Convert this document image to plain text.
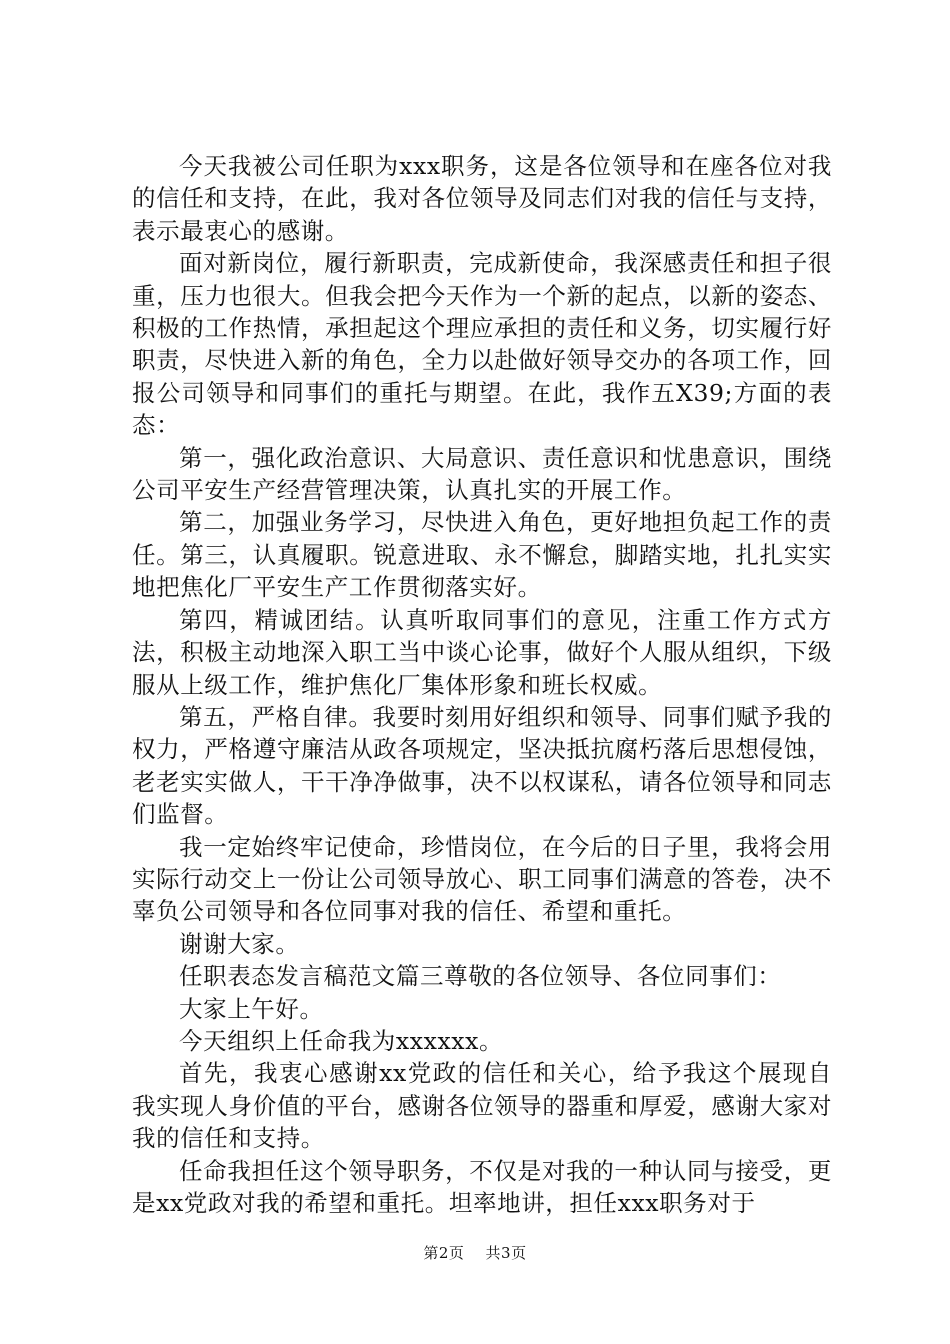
今天我被公司任职为xxx职务，这是各位领导和在座各位对我的信任和支持，在此，我对各位领导及同志们对我的信任与支持，表示最衷心的感谢。

面对新岗位，履行新职责，完成新使命，我深感责任和担子很重，压力也很大。但我会把今天作为一个新的起点，以新的姿态、积极的工作热情，承担起这个理应承担的责任和义务，切实履行好职责，尽快进入新的角色，全力以赴做好领导交办的各项工作，回报公司领导和同事们的重托与期望。在此，我作五X39;方面的表态：

第一，强化政治意识、大局意识、责任意识和忧患意识，围绕公司平安生产经营管理决策，认真扎实的开展工作。

第二，加强业务学习，尽快进入角色，更好地担负起工作的责任。第三，认真履职。锐意进取、永不懈怠，脚踏实地，扎扎实实地把焦化厂平安生产工作贯彻落实好。

第四，精诚团结。认真听取同事们的意见，注重工作方式方法，积极主动地深入职工当中谈心论事，做好个人服从组织，下级服从上级工作，维护焦化厂集体形象和班长权威。

第五，严格自律。我要时刻用好组织和领导、同事们赋予我的权力，严格遵守廉洁从政各项规定，坚决抵抗腐朽落后思想侵蚀，老老实实做人，干干净净做事，决不以权谋私，请各位领导和同志们监督。

我一定始终牢记使命，珍惜岗位，在今后的日子里，我将会用实际行动交上一份让公司领导放心、职工同事们满意的答卷，决不辜负公司领导和各位同事对我的信任、希望和重托。

谢谢大家。

任职表态发言稿范文篇三尊敬的各位领导、各位同事们：

大家上午好。

今天组织上任命我为xxxxxx。

首先，我衷心感谢xx党政的信任和关心，给予我这个展现自我实现人身价值的平台，感谢各位领导的器重和厚爱，感谢大家对我的信任和支持。

任命我担任这个领导职务，不仅是对我的一种认同与接受，更是xx党政对我的希望和重托。坦率地讲，担任xxx职务对于

第2页 共3页
